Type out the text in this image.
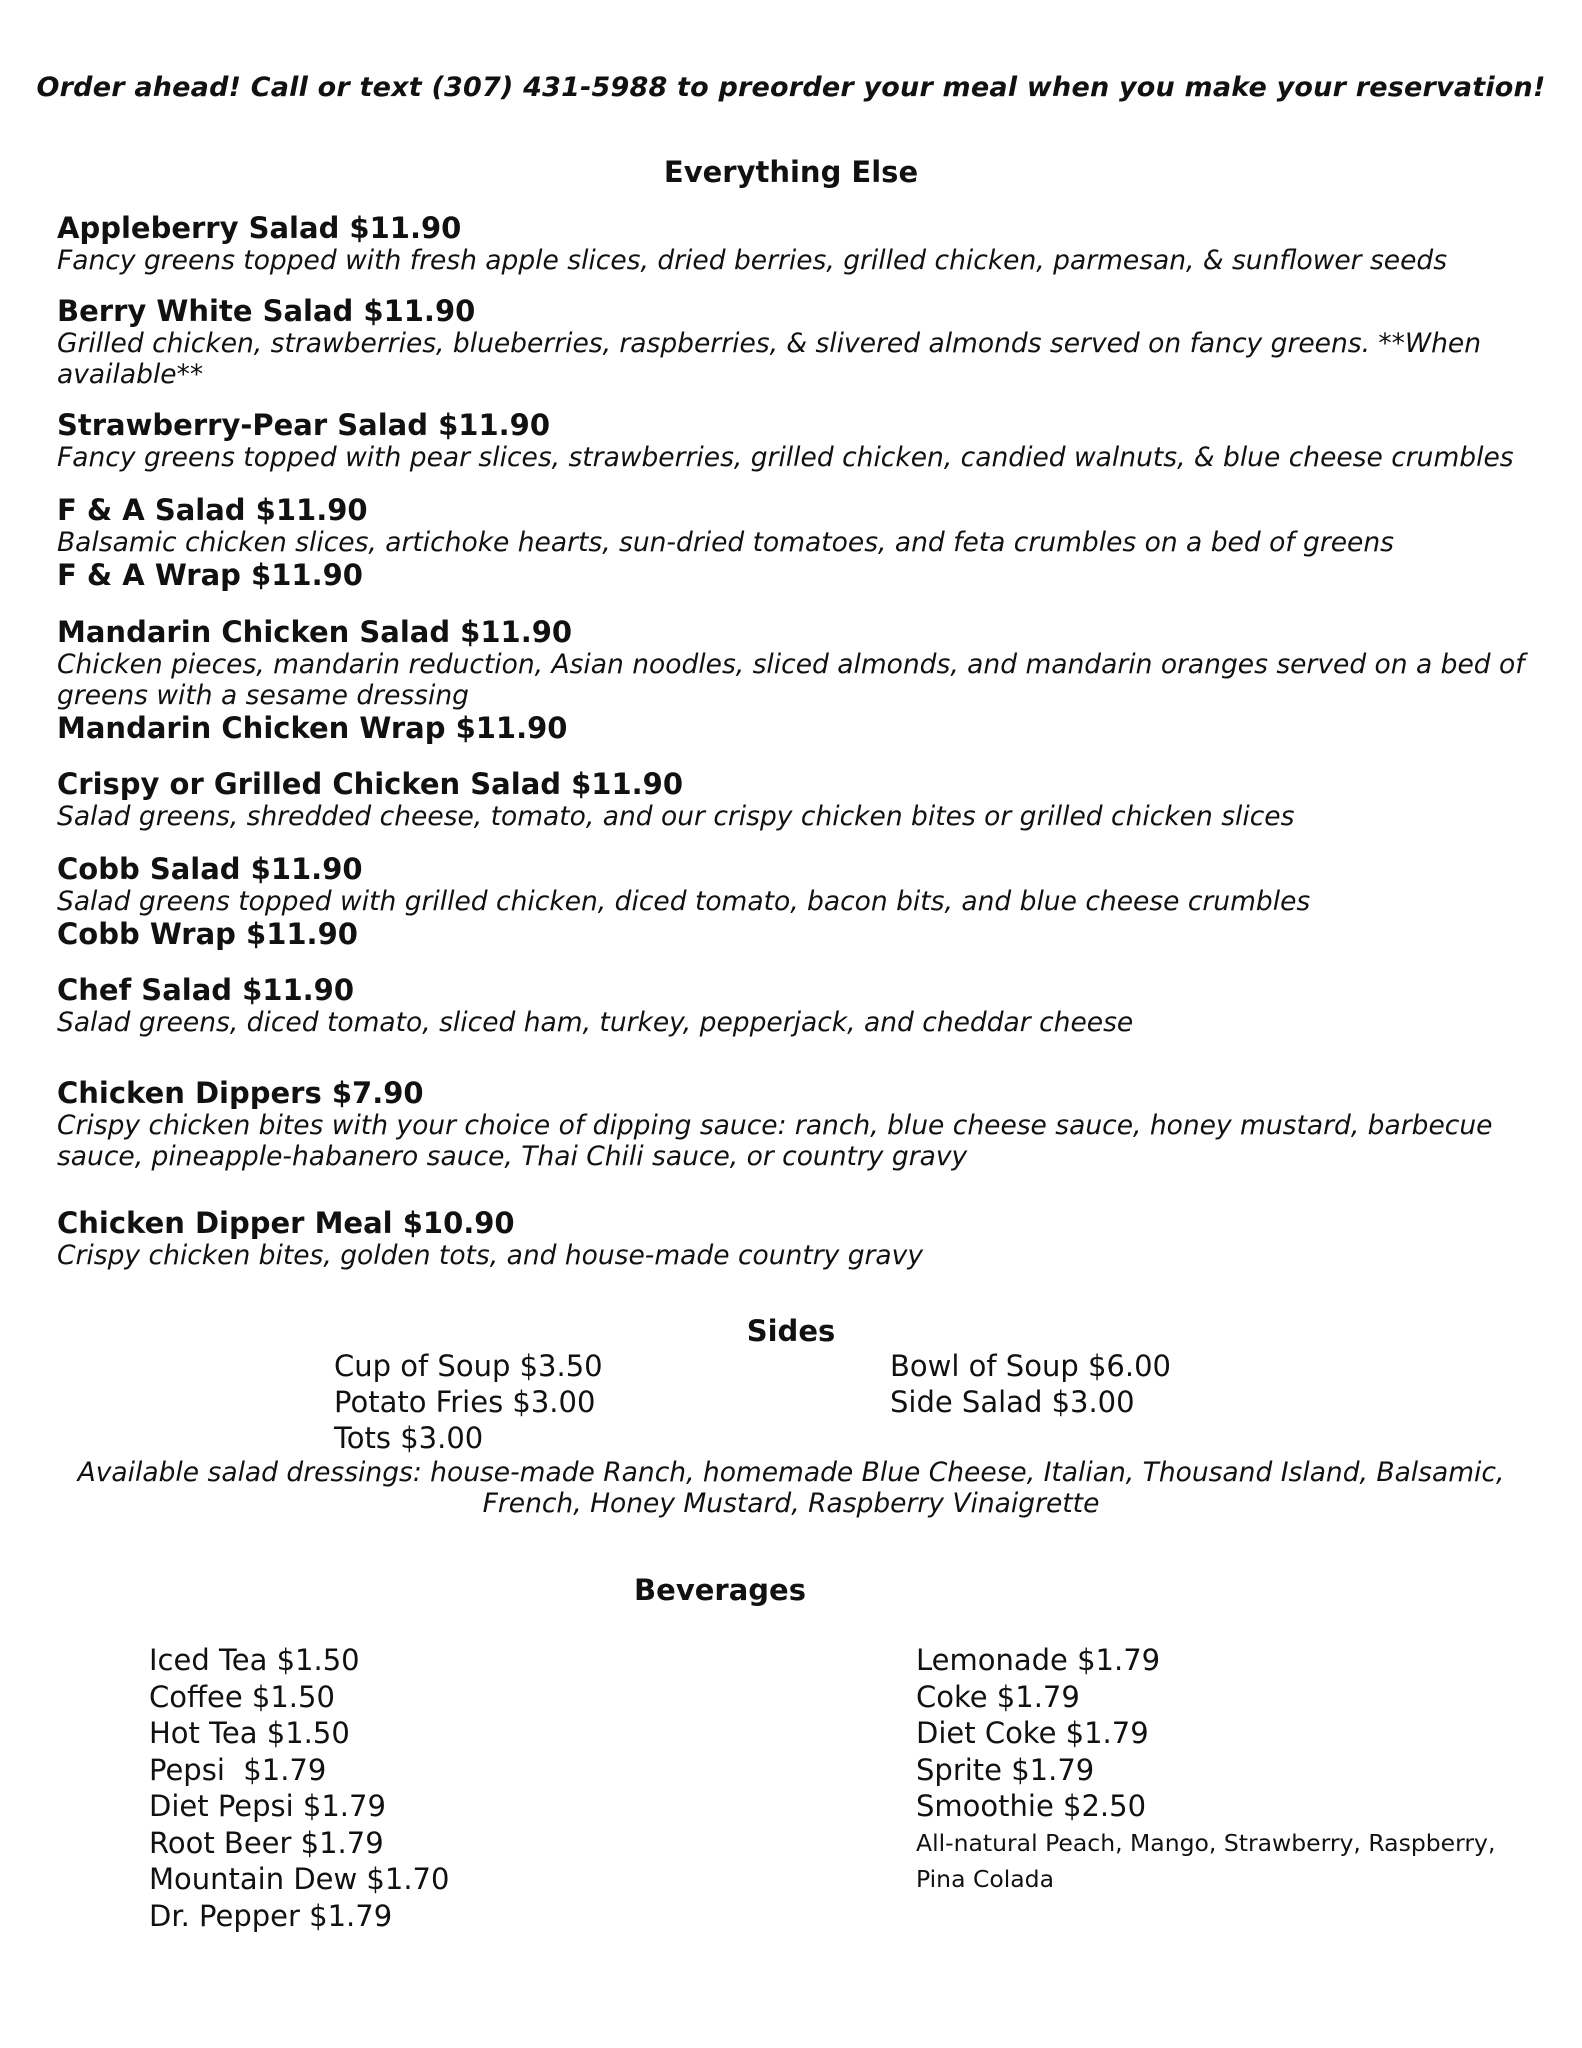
Order ahead! Call or text (307) 431-5988 to preorder your meal when you make your reservation!
Everything Else
Appleberry Salad $11.90
Fancy greens topped with fresh apple slices, dried berries, grilled chicken, parmesan, & sunflower seeds
Berry White Salad $11.90
Grilled chicken, strawberries, blueberries, raspberries, & slivered almonds served on fancy greens. **When available**
Strawberry-Pear Salad $11.90
Fancy greens topped with pear slices, strawberries, grilled chicken, candied walnuts, & blue cheese crumbles
F & A Salad $11.90
Balsamic chicken slices, artichoke hearts, sun-dried tomatoes, and feta crumbles on a bed of greens
F & A Wrap $11.90
Mandarin Chicken Salad $11.90
Chicken pieces, mandarin reduction, Asian noodles, sliced almonds, and mandarin oranges served on a bed of greens with a sesame dressing
Mandarin Chicken Wrap $11.90
Crispy or Grilled Chicken Salad $11.90
Salad greens, shredded cheese, tomato, and our crispy chicken bites or grilled chicken slices
Cobb Salad $11.90
Salad greens topped with grilled chicken, diced tomato, bacon bits, and blue cheese crumbles
Cobb Wrap $11.90
Chef Salad $11.90
Salad greens, diced tomato, sliced ham, turkey, pepperjack, and cheddar cheese
Chicken Dippers $7.90
Crispy chicken bites with your choice of dipping sauce: ranch, blue cheese sauce, honey mustard, barbecue sauce, pineapple-habanero sauce, Thai Chili sauce, or country gravy
Chicken Dipper Meal $10.90
Crispy chicken bites, golden tots, and house-made country gravy
Sides
Cup of Soup $3.50
Potato Fries $3.00
Tots $3.00
Bowl of Soup $6.00
Side Salad $3.00
Available salad dressings: house-made Ranch, homemade Blue Cheese, Italian, Thousand Island, Balsamic, French, Honey Mustard, Raspberry Vinaigrette
Beverages
Iced Tea $1.50
Coffee $1.50
Hot Tea $1.50
Pepsi  $1.79
Diet Pepsi $1.79
Root Beer $1.79
Mountain Dew $1.70
Dr. Pepper $1.79
Lemonade $1.79
Coke $1.79
Diet Coke $1.79
Sprite $1.79
Smoothie $2.50
All-natural Peach, Mango, Strawberry, Raspberry, Pina Colada
